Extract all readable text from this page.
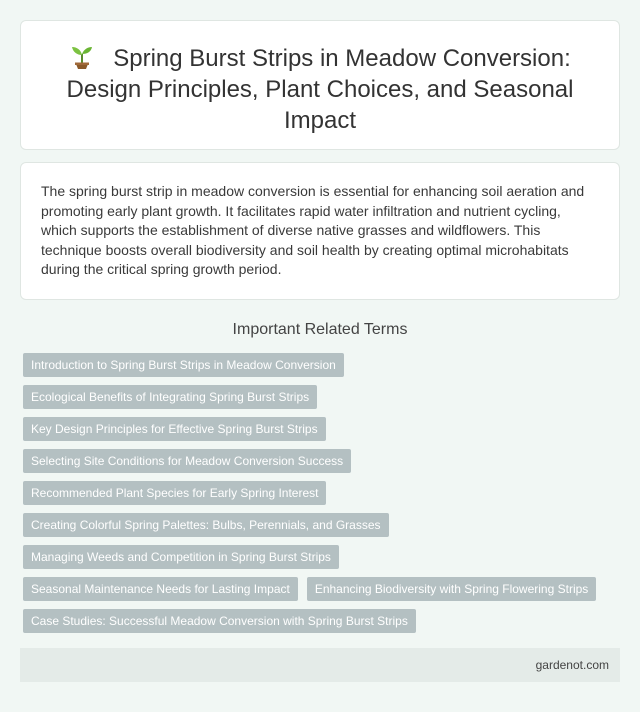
Spring Burst Strips in Meadow Conversion: Design Principles, Plant Choices, and Seasonal Impact

The spring burst strip in meadow conversion is essential for enhancing soil aeration and promoting early plant growth. It facilitates rapid water infiltration and nutrient cycling, which supports the establishment of diverse native grasses and wildflowers. This technique boosts overall biodiversity and soil health by creating optimal microhabitats during the critical spring growth period.

Important Related Terms
Introduction to Spring Burst Strips in Meadow Conversion
Ecological Benefits of Integrating Spring Burst Strips
Key Design Principles for Effective Spring Burst Strips
Selecting Site Conditions for Meadow Conversion Success
Recommended Plant Species for Early Spring Interest
Creating Colorful Spring Palettes: Bulbs, Perennials, and Grasses
Managing Weeds and Competition in Spring Burst Strips
Seasonal Maintenance Needs for Lasting Impact	Enhancing Biodiversity with Spring Flowering Strips
Case Studies: Successful Meadow Conversion with Spring Burst Strips
gardenot.com
